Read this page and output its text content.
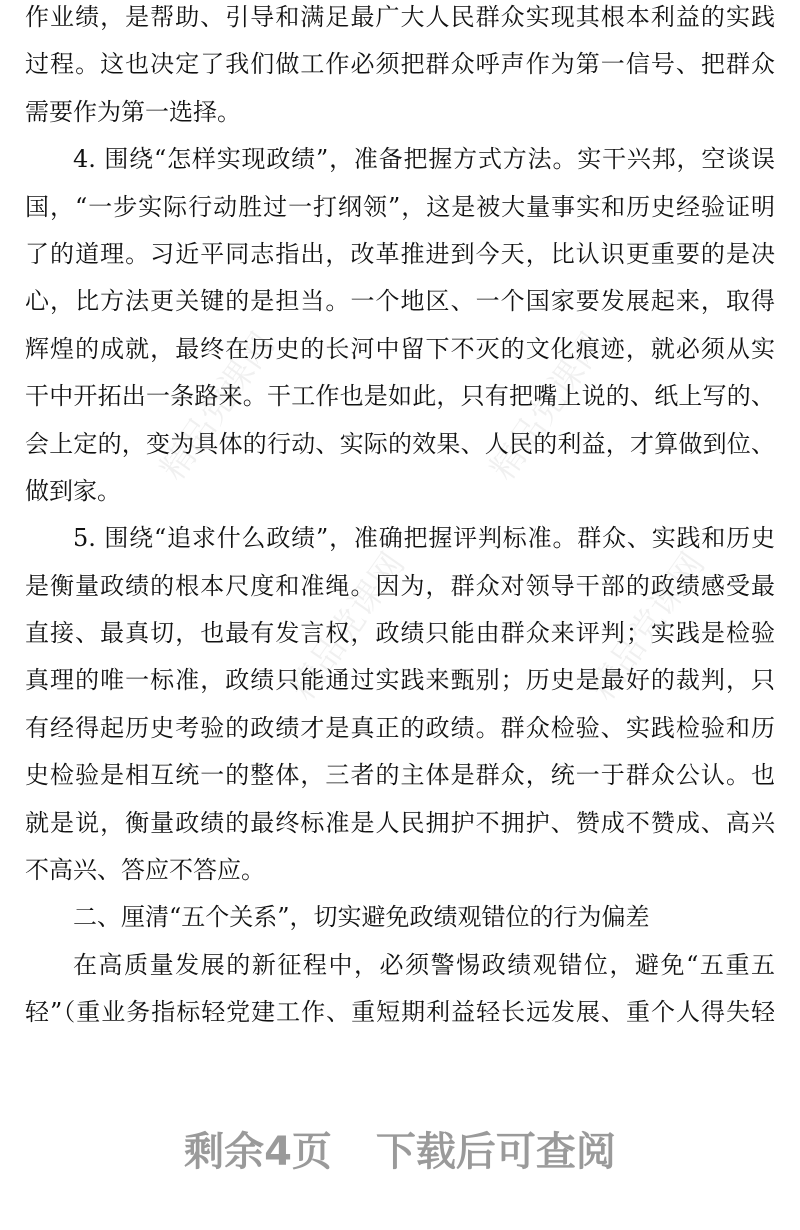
作业绩，是帮助、引导和满足最广大人民群众实现其根本利益的实践
过程。这也决定了我们做工作必须把群众呼声作为第一信号、把群众
需要作为第一选择。
4. 围绕“怎样实现政绩”，准备把握方式方法。实干兴邦，空谈误
国，“一步实际行动胜过一打纲领”，这是被大量事实和历史经验证明
了的道理。习近平同志指出，改革推进到今天，比认识更重要的是决
心，比方法更关键的是担当。一个地区、一个国家要发展起来，取得
辉煌的成就，最终在历史的长河中留下不灭的文化痕迹，就必须从实
干中开拓出一条路来。干工作也是如此，只有把嘴上说的、纸上写的、
会上定的，变为具体的行动、实际的效果、人民的利益，才算做到位、
做到家。
5. 围绕“追求什么政绩”，准确把握评判标准。群众、实践和历史
是衡量政绩的根本尺度和准绳。因为，群众对领导干部的政绩感受最
直接、最真切，也最有发言权，政绩只能由群众来评判；实践是检验
真理的唯一标准，政绩只能通过实践来甄别；历史是最好的裁判，只
有经得起历史考验的政绩才是真正的政绩。群众检验、实践检验和历
史检验是相互统一的整体，三者的主体是群众，统一于群众公认。也
就是说，衡量政绩的最终标准是人民拥护不拥护、赞成不赞成、高兴
不高兴、答应不答应。
二、厘清“五个关系”，切实避免政绩观错位的行为偏差
在高质量发展的新征程中，必须警惕政绩观错位，避免“五重五
轻”（重业务指标轻党建工作、重短期利益轻长远发展、重个人得失轻
精品党课网	精品党课网
精品党课网	精品党课网
剩余4页 下载后可查阅
